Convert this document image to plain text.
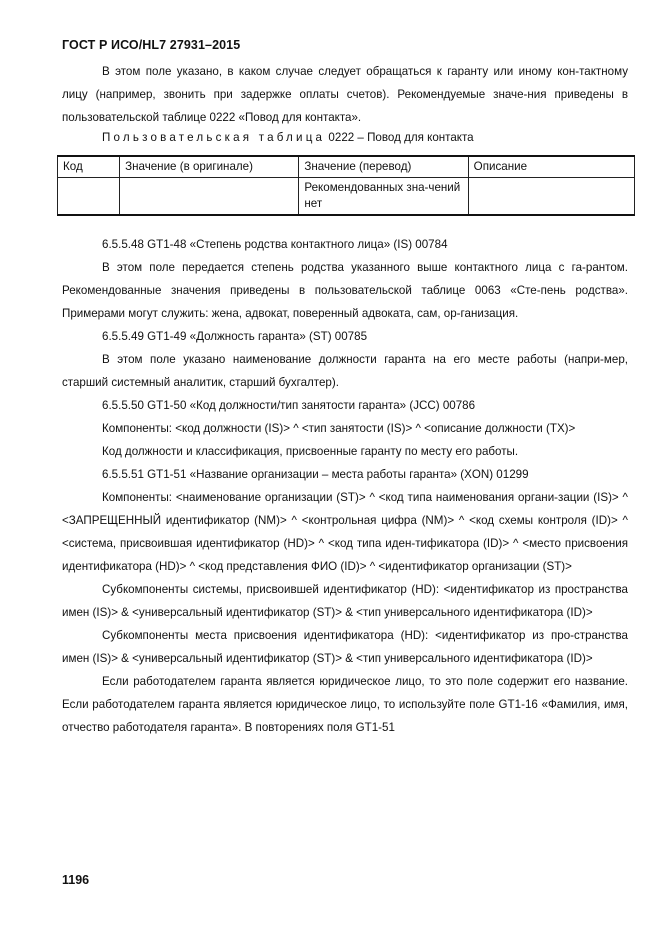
ГОСТ Р ИСО/HL7 27931–2015

В этом поле указано, в каком случае следует обращаться к гаранту или иному кон-тактному лицу (например, звонить при задержке оплаты счетов). Рекомендуемые значе-ния приведены в пользовательской таблице 0222 «Повод для контакта».

Пользовательская таблица 0222 – Повод для контакта
Код	Значение (в оригинале)	Значение (перевод)	Описание
		Рекомендованных зна-чений нет	

6.5.5.48 GT1-48 «Степень родства контактного лица» (IS) 00784

В этом поле передается степень родства указанного выше контактного лица с га-рантом. Рекомендованные значения приведены в пользовательской таблице 0063 «Сте-пень родства». Примерами могут служить: жена, адвокат, поверенный адвоката, сам, ор-ганизация.

6.5.5.49 GT1-49 «Должность гаранта» (ST) 00785

В этом поле указано наименование должности гаранта на его месте работы (напри-мер, старший системный аналитик, старший бухгалтер).

6.5.5.50 GT1-50 «Код должности/тип занятости гаранта» (JCC) 00786

Компоненты: <код должности (IS)> ^ <тип занятости (IS)> ^ <описание должности (TX)>

Код должности и классификация, присвоенные гаранту по месту его работы.

6.5.5.51 GT1-51 «Название организации – места работы гаранта» (XON) 01299

Компоненты: <наименование организации (ST)> ^ <код типа наименования органи-зации (IS)> ^ <ЗАПРЕЩЕННЫЙ идентификатор (NM)> ^ <контрольная цифра (NM)> ^ <код схемы контроля (ID)> ^ <система, присвоившая идентификатор (HD)> ^ <код типа иден-тификатора (ID)> ^ <место присвоения идентификатора (HD)> ^ <код представления ФИО (ID)> ^ <идентификатор организации (ST)>

Субкомпоненты системы, присвоившей идентификатор (HD): <идентификатор из пространства имен (IS)> & <универсальный идентификатор (ST)> & <тип универсального идентификатора (ID)>

Субкомпоненты места присвоения идентификатора (HD): <идентификатор из про-странства имен (IS)> & <универсальный идентификатор (ST)> & <тип универсального идентификатора (ID)>

Если работодателем гаранта является юридическое лицо, то это поле содержит его название. Если работодателем гаранта является юридическое лицо, то используйте поле GT1-16 «Фамилия, имя, отчество работодателя гаранта». В повторениях поля GT1-51

1196
